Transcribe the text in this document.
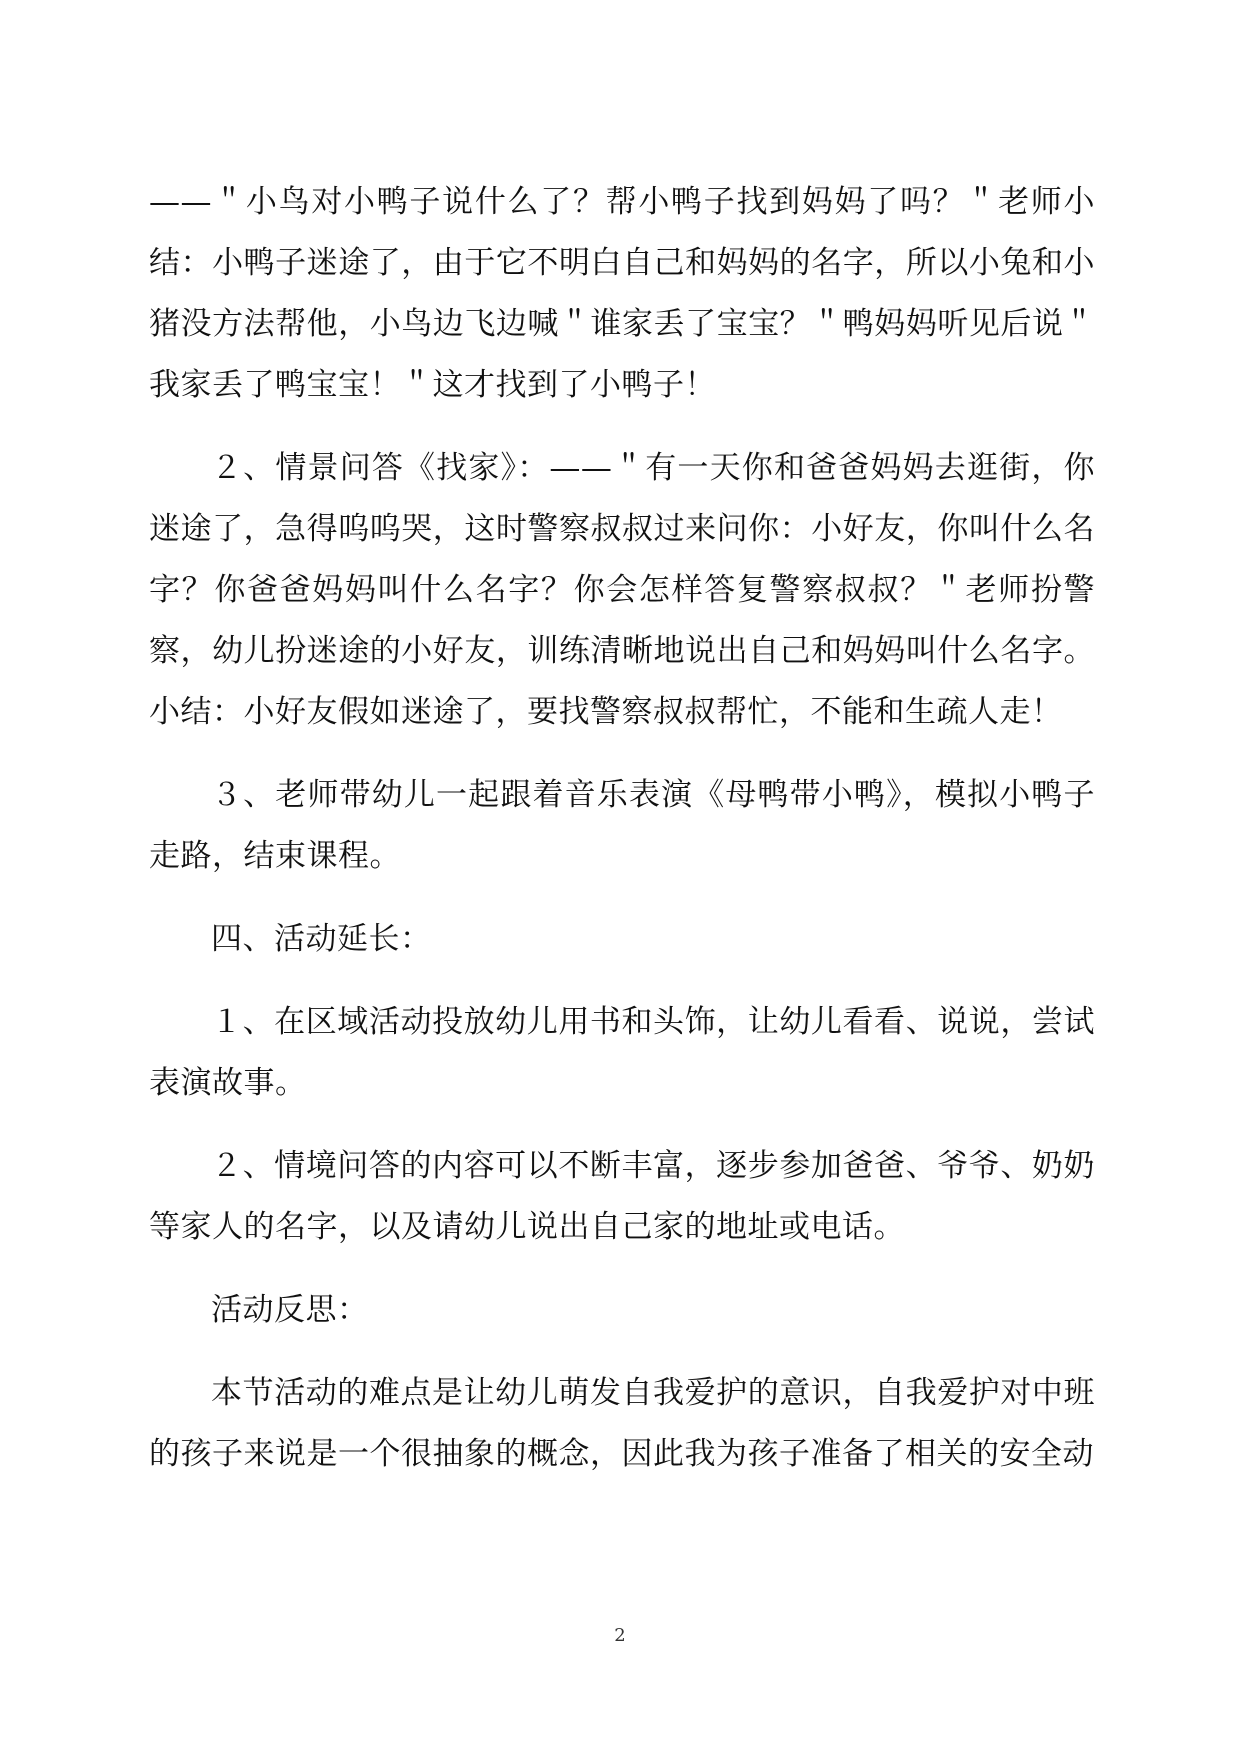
——＂小鸟对小鸭子说什么了？帮小鸭子找到妈妈了吗？＂老师小结：小鸭子迷途了，由于它不明白自己和妈妈的名字，所以小兔和小猪没方法帮他，小鸟边飞边喊＂谁家丢了宝宝？＂鸭妈妈听见后说＂我家丢了鸭宝宝！＂这才找到了小鸭子！

２、情景问答《找家》：——＂有一天你和爸爸妈妈去逛街，你迷途了，急得呜呜哭，这时警察叔叔过来问你：小好友，你叫什么名字？你爸爸妈妈叫什么名字？你会怎样答复警察叔叔？＂老师扮警察，幼儿扮迷途的小好友，训练清晰地说出自己和妈妈叫什么名字。小结：小好友假如迷途了，要找警察叔叔帮忙，不能和生疏人走！

３、老师带幼儿一起跟着音乐表演《母鸭带小鸭》，模拟小鸭子走路，结束课程。

四、活动延长：

１、在区域活动投放幼儿用书和头饰，让幼儿看看、说说，尝试表演故事。

２、情境问答的内容可以不断丰富，逐步参加爸爸、爷爷、奶奶等家人的名字，以及请幼儿说出自己家的地址或电话。

活动反思：

本节活动的难点是让幼儿萌发自我爱护的意识，自我爱护对中班的孩子来说是一个很抽象的概念，因此我为孩子准备了相关的安全动

2
